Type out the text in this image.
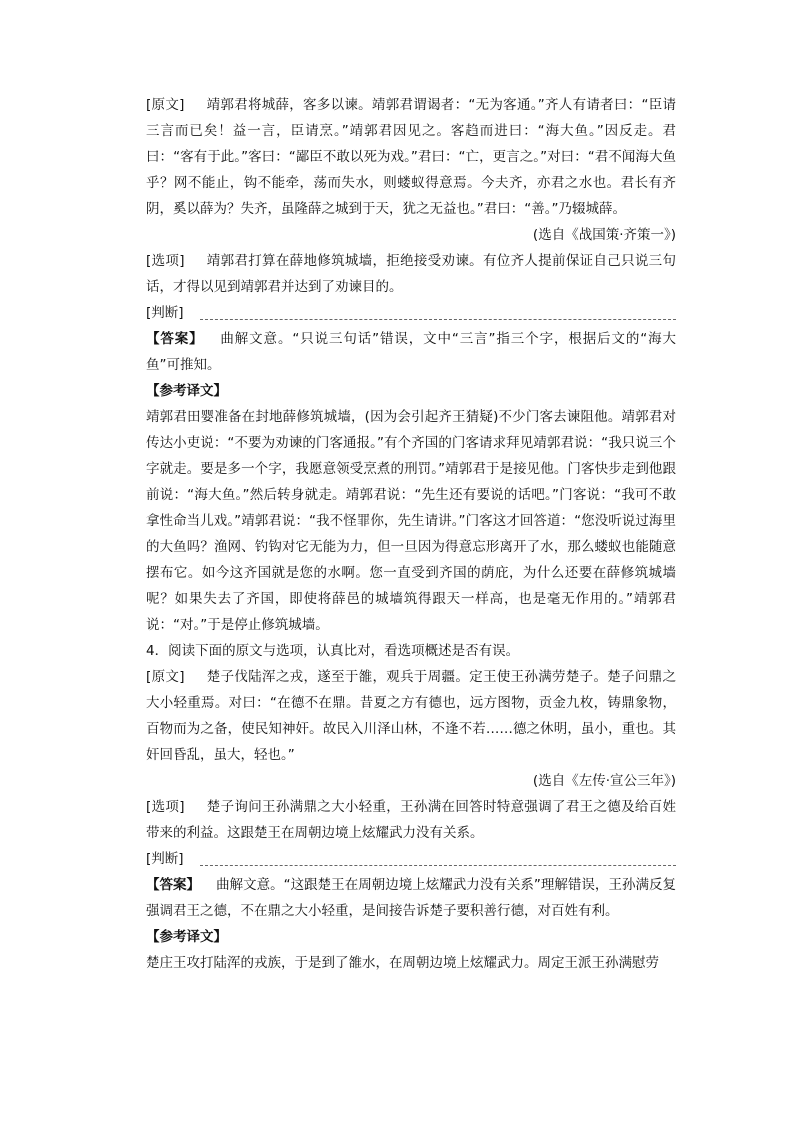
[原文] 靖郭君将城薛，客多以谏。靖郭君谓谒者：“无为客通。”齐人有请者曰：“臣请三言而已矣！益一言，臣请烹。”靖郭君因见之。客趋而进曰：“海大鱼。”因反走。君曰：“客有于此。”客曰：“鄙臣不敢以死为戏。”君曰：“亡，更言之。”对曰：“君不闻海大鱼乎？网不能止，钩不能牵，荡而失水，则蝼蚁得意焉。今夫齐，亦君之水也。君长有齐阴，奚以薛为？失齐，虽隆薛之城到于天，犹之无益也。”君曰：“善。”乃辍城薛。

(选自《战国策·齐策一》)

[选项] 靖郭君打算在薛地修筑城墙，拒绝接受劝谏。有位齐人提前保证自己只说三句话，才得以见到靖郭君并达到了劝谏目的。

[判断]

【答案】 曲解文意。“只说三句话”错误，文中“三言”指三个字，根据后文的“海大鱼”可推知。

【参考译文】

靖郭君田婴准备在封地薛修筑城墙，(因为会引起齐王猜疑)不少门客去谏阻他。靖郭君对传达小吏说：“不要为劝谏的门客通报。”有个齐国的门客请求拜见靖郭君说：“我只说三个字就走。要是多一个字，我愿意领受烹煮的刑罚。”靖郭君于是接见他。门客快步走到他跟前说：“海大鱼。”然后转身就走。靖郭君说：“先生还有要说的话吧。”门客说：“我可不敢拿性命当儿戏。”靖郭君说：“我不怪罪你，先生请讲。”门客这才回答道：“您没听说过海里的大鱼吗？渔网、钓钩对它无能为力，但一旦因为得意忘形离开了水，那么蝼蚁也能随意摆布它。如今这齐国就是您的水啊。您一直受到齐国的荫庇，为什么还要在薛修筑城墙呢？如果失去了齐国，即使将薛邑的城墙筑得跟天一样高，也是毫无作用的。”靖郭君说：“对。”于是停止修筑城墙。

4．阅读下面的原文与选项，认真比对，看选项概述是否有误。

[原文] 楚子伐陆浑之戎，遂至于雒，观兵于周疆。定王使王孙满劳楚子。楚子问鼎之大小轻重焉。对曰：“在德不在鼎。昔夏之方有德也，远方图物，贡金九枚，铸鼎象物，百物而为之备，使民知神奸。故民入川泽山林，不逢不若……德之休明，虽小，重也。其奸回昏乱，虽大，轻也。”

(选自《左传·宣公三年》)

[选项] 楚子询问王孙满鼎之大小轻重，王孙满在回答时特意强调了君王之德及给百姓带来的利益。这跟楚王在周朝边境上炫耀武力没有关系。

[判断]

【答案】 曲解文意。“这跟楚王在周朝边境上炫耀武力没有关系”理解错误，王孙满反复强调君王之德，不在鼎之大小轻重，是间接告诉楚子要积善行德，对百姓有利。

【参考译文】

楚庄王攻打陆浑的戎族，于是到了雒水，在周朝边境上炫耀武力。周定王派王孙满慰劳
